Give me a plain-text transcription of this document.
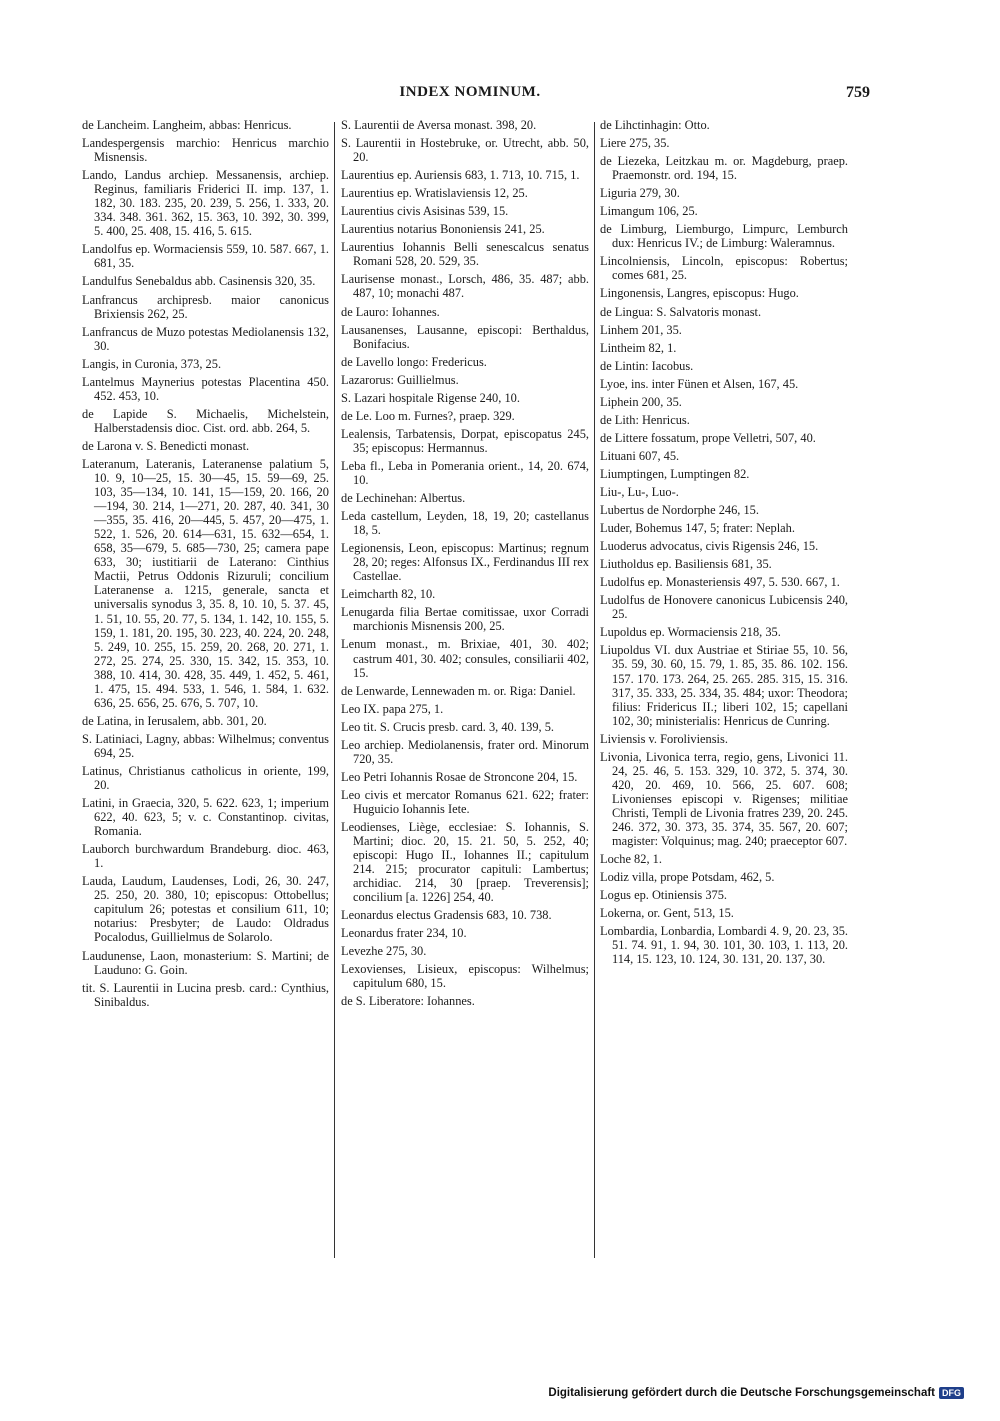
INDEX NOMINUM.	759
de Lancheim. Langheim, abbas: Henricus.
Landespergensis marchio: Henricus marchio Misnensis.
Lando, Landus archiep. Messanensis, archiep. Reginus, familiaris Friderici II. imp. 137, 1. 182, 30. 183. 235, 20. 239, 5. 256, 1. 333, 20. 334. 348. 361. 362, 15. 363, 10. 392, 30. 399, 5. 400, 25. 408, 15. 416, 5. 615.
Landolfus ep. Wormaciensis 559, 10. 587. 667, 1. 681, 35.
Landulfus Senebaldus abb. Casinensis 320, 35.
Lanfrancus archipresb. maior canonicus Brixiensis 262, 25.
Lanfrancus de Muzo potestas Mediolanensis 132, 30.
Langis, in Curonia, 373, 25.
Lantelmus Maynerius potestas Placentina 450. 452. 453, 10.
de Lapide S. Michaelis, Michelstein, Halberstadensis dioc. Cist. ord. abb. 264, 5.
de Larona v. S. Benedicti monast.
Lateranum, Lateranis, Lateranense palatium 5, 10. 9, 10—25, 15. 30—45, 15. 59—69, 25. 103, 35—134, 10. 141, 15—159, 20. 166, 20—194, 30. 214, 1—271, 20. 287, 40. 341, 30—355, 35. 416, 20—445, 5. 457, 20—475, 1. 522, 1. 526, 20. 614—631, 15. 632—654, 1. 658, 35—679, 5. 685—730, 25; camera pape 633, 30; iustitiarii de Laterano: Cinthius Mactii, Petrus Oddonis Rizuruli; concilium Lateranense a. 1215, generale, sancta et universalis synodus 3, 35. 8, 10. 10, 5. 37. 45, 1. 51, 10. 55, 20. 77, 5. 134, 1. 142, 10. 155, 5. 159, 1. 181, 20. 195, 30. 223, 40. 224, 20. 248, 5. 249, 10. 255, 15. 259, 20. 268, 20. 271, 1. 272, 25. 274, 25. 330, 15. 342, 15. 353, 10. 388, 10. 414, 30. 428, 35. 449, 1. 452, 5. 461, 1. 475, 15. 494. 533, 1. 546, 1. 584, 1. 632. 636, 25. 656, 25. 676, 5. 707, 10.
de Latina, in Ierusalem, abb. 301, 20.
S. Latiniaci, Lagny, abbas: Wilhelmus; conventus 694, 25.
Latinus, Christianus catholicus in oriente, 199, 20.
Latini, in Graecia, 320, 5. 622. 623, 1; imperium 622, 40. 623, 5; v. c. Constantinop. civitas, Romania.
Lauborch burchwardum Brandeburg. dioc. 463, 1.
Lauda, Laudum, Laudenses, Lodi, 26, 30. 247, 25. 250, 20. 380, 10; episcopus: Ottobellus; capitulum 26; potestas et consilium 611, 10; notarius: Presbyter; de Laudo: Oldradus Pocalodus, Guillielmus de Solarolo.
Laudunense, Laon, monasterium: S. Martini; de Lauduno: G. Goin.
tit. S. Laurentii in Lucina presb. card.: Cynthius, Sinibaldus.
S. Laurentii de Aversa monast. 398, 20.
S. Laurentii in Hostebruke, or. Utrecht, abb. 50, 20.
Laurentius ep. Auriensis 683, 1. 713, 10. 715, 1.
Laurentius ep. Wratislaviensis 12, 25.
Laurentius civis Asisinas 539, 15.
Laurentius notarius Bononiensis 241, 25.
Laurentius Iohannis Belli senescalcus senatus Romani 528, 20. 529, 35.
Laurisense monast., Lorsch, 486, 35. 487; abb. 487, 10; monachi 487.
de Lauro: Iohannes.
Lausanenses, Lausanne, episcopi: Berthaldus, Bonifacius.
de Lavello longo: Fredericus.
Lazarorus: Guillielmus.
S. Lazari hospitale Rigense 240, 10.
de Le. Loo m. Furnes?, praep. 329.
Lealensis, Tarbatensis, Dorpat, episcopatus 245, 35; episcopus: Hermannus.
Leba fl., Leba in Pomerania orient., 14, 20. 674, 10.
de Lechinehan: Albertus.
Leda castellum, Leyden, 18, 19, 20; castellanus 18, 5.
Legionensis, Leon, episcopus: Martinus; regnum 28, 20; reges: Alfonsus IX., Ferdinandus III rex Castellae.
Leimcharth 82, 10.
Lenugarda filia Bertae comitissae, uxor Corradi marchionis Misnensis 200, 25.
Lenum monast., m. Brixiae, 401, 30. 402; castrum 401, 30. 402; consules, consiliarii 402, 15.
de Lenwarde, Lennewaden m. or. Riga: Daniel.
Leo IX. papa 275, 1.
Leo tit. S. Crucis presb. card. 3, 40. 139, 5.
Leo archiep. Mediolanensis, frater ord. Minorum 720, 35.
Leo Petri Iohannis Rosae de Stroncone 204, 15.
Leo civis et mercator Romanus 621. 622; frater: Huguicio Iohannis Iete.
Leodienses, Liège, ecclesiae: S. Iohannis, S. Martini; dioc. 20, 15. 21. 50, 5. 252, 40; episcopi: Hugo II., Iohannes II.; capitulum 214. 215; procurator capituli: Lambertus; archidiac. 214, 30 [praep. Treverensis]; concilium [a. 1226] 254, 40.
Leonardus electus Gradensis 683, 10. 738.
Leonardus frater 234, 10.
Levezhe 275, 30.
Lexovienses, Lisieux, episcopus: Wilhelmus; capitulum 680, 15.
de S. Liberatore: Iohannes.
de Lihctinhagin: Otto.
Liere 275, 35.
de Liezeka, Leitzkau m. or. Magdeburg, praep. Praemonstr. ord. 194, 15.
Liguria 279, 30.
Limangum 106, 25.
de Limburg, Liemburgo, Limpurc, Lemburch dux: Henricus IV.; de Limburg: Waleramnus.
Lincolniensis, Lincoln, episcopus: Robertus; comes 681, 25.
Lingonensis, Langres, episcopus: Hugo.
de Lingua: S. Salvatoris monast.
Linhem 201, 35.
Lintheim 82, 1.
de Lintin: Iacobus.
Lyoe, ins. inter Fünen et Alsen, 167, 45.
Liphein 200, 35.
de Lith: Henricus.
de Littere fossatum, prope Velletri, 507, 40.
Lituani 607, 45.
Liumptingen, Lumptingen 82.
Liu-, Lu-, Luo-.
Lubertus de Nordorphe 246, 15.
Luder, Bohemus 147, 5; frater: Neplah.
Luoderus advocatus, civis Rigensis 246, 15.
Liutholdus ep. Basiliensis 681, 35.
Ludolfus ep. Monasteriensis 497, 5. 530. 667, 1.
Ludolfus de Honovere canonicus Lubicensis 240, 25.
Lupoldus ep. Wormaciensis 218, 35.
Liupoldus VI. dux Austriae et Stiriae 55, 10. 56, 35. 59, 30. 60, 15. 79, 1. 85, 35. 86. 102. 156. 157. 170. 173. 264, 25. 265. 285. 315, 15. 316. 317, 35. 333, 25. 334, 35. 484; uxor: Theodora; filius: Fridericus II.; liberi 102, 15; capellani 102, 30; ministerialis: Henricus de Cunring.
Liviensis v. Foroliviensis.
Livonia, Livonica terra, regio, gens, Livonici 11. 24, 25. 46, 5. 153. 329, 10. 372, 5. 374, 30. 420, 20. 469, 10. 566, 25. 607. 608; Livonienses episcopi v. Rigenses; militiae Christi, Templi de Livonia fratres 239, 20. 245. 246. 372, 30. 373, 35. 374, 35. 567, 20. 607; magister: Volquinus; mag. 240; praeceptor 607.
Loche 82, 1.
Lodiz villa, prope Potsdam, 462, 5.
Logus ep. Otiniensis 375.
Lokerna, or. Gent, 513, 15.
Lombardia, Lonbardia, Lombardi 4. 9, 20. 23, 35. 51. 74. 91, 1. 94, 30. 101, 30. 103, 1. 113, 20. 114, 15. 123, 10. 124, 30. 131, 20. 137, 30.
Digitalisierung gefördert durch die Deutsche Forschungsgemeinschaft DFG
